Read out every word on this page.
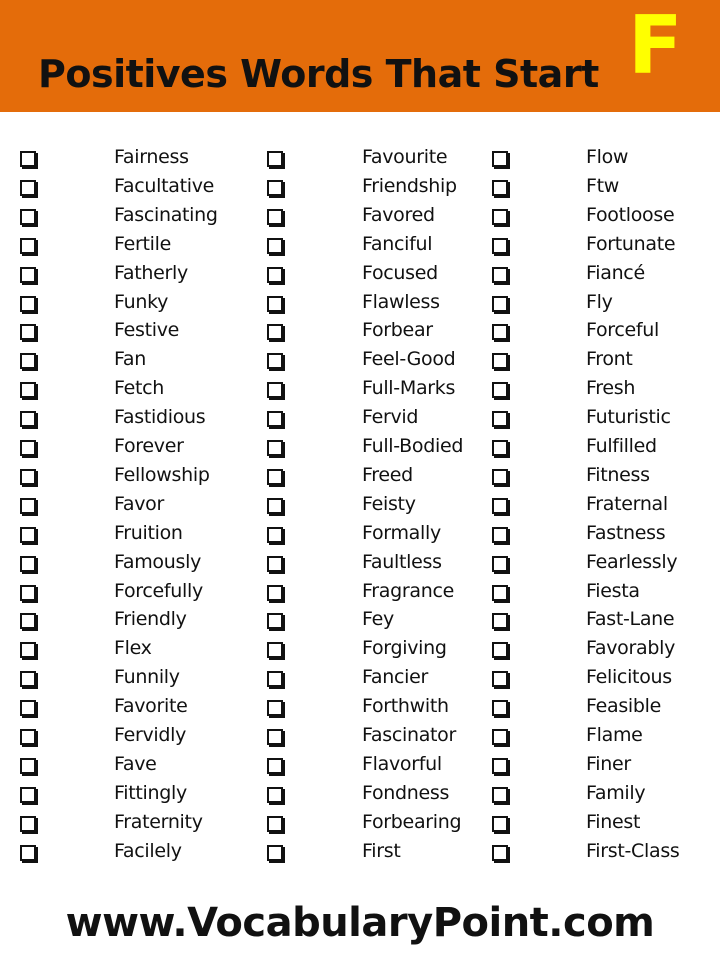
Positives Words That Start F
Fairness	Favourite	Flow
Facultative	Friendship	Ftw
Fascinating	Favored	Footloose
Fertile	Fanciful	Fortunate
Fatherly	Focused	Fiancé
Funky	Flawless	Fly
Festive	Forbear	Forceful
Fan	Feel-Good	Front
Fetch	Full-Marks	Fresh
Fastidious	Fervid	Futuristic
Forever	Full-Bodied	Fulfilled
Fellowship	Freed	Fitness
Favor	Feisty	Fraternal
Fruition	Formally	Fastness
Famously	Faultless	Fearlessly
Forcefully	Fragrance	Fiesta
Friendly	Fey	Fast-Lane
Flex	Forgiving	Favorably
Funnily	Fancier	Felicitous
Favorite	Forthwith	Feasible
Fervidly	Fascinator	Flame
Fave	Flavorful	Finer
Fittingly	Fondness	Family
Fraternity	Forbearing	Finest
Facilely	First	First-Class
www.VocabularyPoint.com
